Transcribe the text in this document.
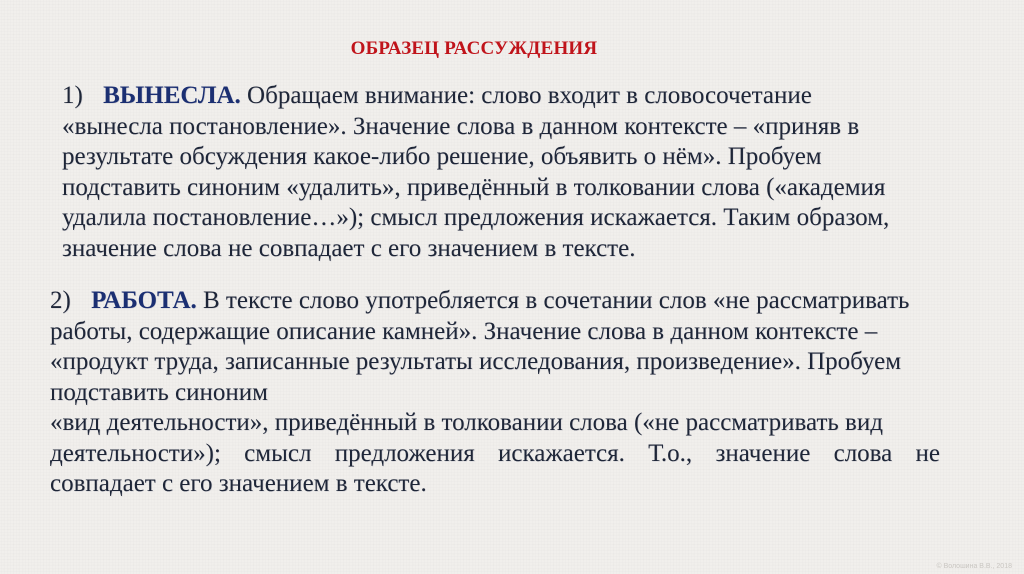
ОБРАЗЕЦ РАССУЖДЕНИЯ
1) ВЫНЕСЛА. Обращаем внимание: слово входит в словосочетание
«вынесла постановление». Значение слова в данном контексте – «приняв в
результате обсуждения какое-либо решение, объявить о нём». Пробуем
подставить синоним «удалить», приведённый в толковании слова («академия
удалила постановление…»); смысл предложения искажается. Таким образом,
значение слова не совпадает с его значением в тексте.
2) РАБОТА. В тексте слово употребляется в сочетании слов «не рассматривать
работы, содержащие описание камней». Значение слова в данном контексте –
«продукт труда, записанные результаты исследования, произведение». Пробуем
подставить синоним
«вид деятельности», приведённый в толковании слова («не рассматривать вид
деятельности»); смысл предложения искажается. Т.о., значение слова не
совпадает с его значением в тексте.
© Волошина В.В., 2018
